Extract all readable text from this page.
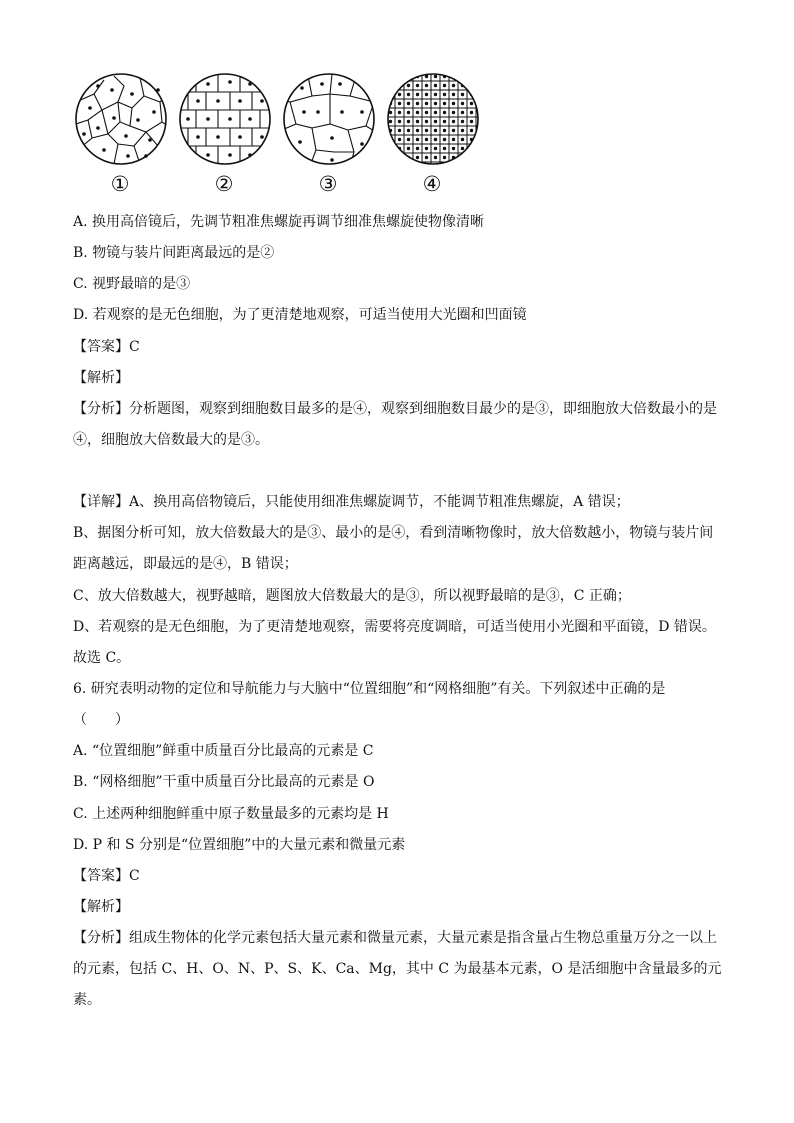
①	②	③	④
A. 换用高倍镜后，先调节粗准焦螺旋再调节细准焦螺旋使物像清晰
B. 物镜与装片间距离最远的是②
C. 视野最暗的是③
D. 若观察的是无色细胞，为了更清楚地观察，可适当使用大光圈和凹面镜
【答案】C
【解析】
【分析】分析题图，观察到细胞数目最多的是④，观察到细胞数目最少的是③，即细胞放大倍数最小的是
④，细胞放大倍数最大的是③。
【详解】A、换用高倍物镜后，只能使用细准焦螺旋调节，不能调节粗准焦螺旋，A 错误；
B、据图分析可知，放大倍数最大的是③、最小的是④，看到清晰物像时，放大倍数越小，物镜与装片间
距离越远，即最远的是④，B 错误；
C、放大倍数越大，视野越暗，题图放大倍数最大的是③，所以视野最暗的是③，C 正确；
D、若观察的是无色细胞，为了更清楚地观察，需要将亮度调暗，可适当使用小光圈和平面镜，D 错误。
故选 C。
6. 研究表明动物的定位和导航能力与大脑中“位置细胞”和“网格细胞”有关。下列叙述中正确的是
（　　）
A. “位置细胞”鲜重中质量百分比最高的元素是 C
B. “网格细胞”干重中质量百分比最高的元素是 O
C. 上述两种细胞鲜重中原子数量最多的元素均是 H
D. P 和 S 分别是“位置细胞”中的大量元素和微量元素
【答案】C
【解析】
【分析】组成生物体的化学元素包括大量元素和微量元素，大量元素是指含量占生物总重量万分之一以上
的元素，包括 C、H、O、N、P、S、K、Ca、Mg，其中 C 为最基本元素，O 是活细胞中含量最多的元
素。
